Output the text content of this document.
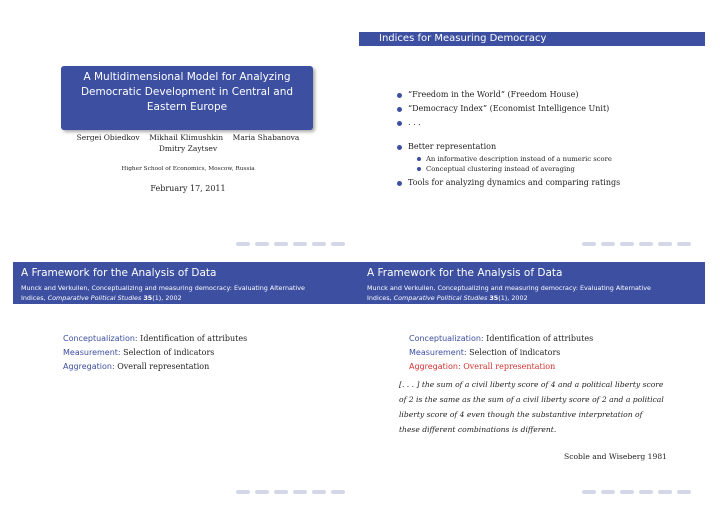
A Multidimensional Model for Analyzing Democratic Development in Central and Eastern Europe
Sergei Obiedkov    Mikhail Klimushkin    Maria Shabanova
Dmitry Zaytsev
Higher School of Economics, Moscow, Russia
February 17, 2011
Indices for Measuring Democracy
“Freedom in the World” (Freedom House)
“Democracy Index” (Economist Intelligence Unit)
. . .
Better representation
An informative description instead of a numeric score
Conceptual clustering instead of averaging
Tools for analyzing dynamics and comparing ratings
A Framework for the Analysis of Data
Munck and Verkuilen, Conceptualizing and measuring democracy: Evaluating Alternative
Indices, Comparative Political Studies 35(1), 2002
Conceptualization: Identification of attributes
Measurement: Selection of indicators
Aggregation: Overall representation
A Framework for the Analysis of Data
Munck and Verkuilen, Conceptualizing and measuring democracy: Evaluating Alternative
Indices, Comparative Political Studies 35(1), 2002
Conceptualization: Identification of attributes
Measurement: Selection of indicators
Aggregation: Overall representation
[. . . ] the sum of a civil liberty score of 4 and a political liberty score of 2 is the same as the sum of a civil liberty score of 2 and a political liberty score of 4 even though the substantive interpretation of these different combinations is different.
Scoble and Wiseberg 1981
